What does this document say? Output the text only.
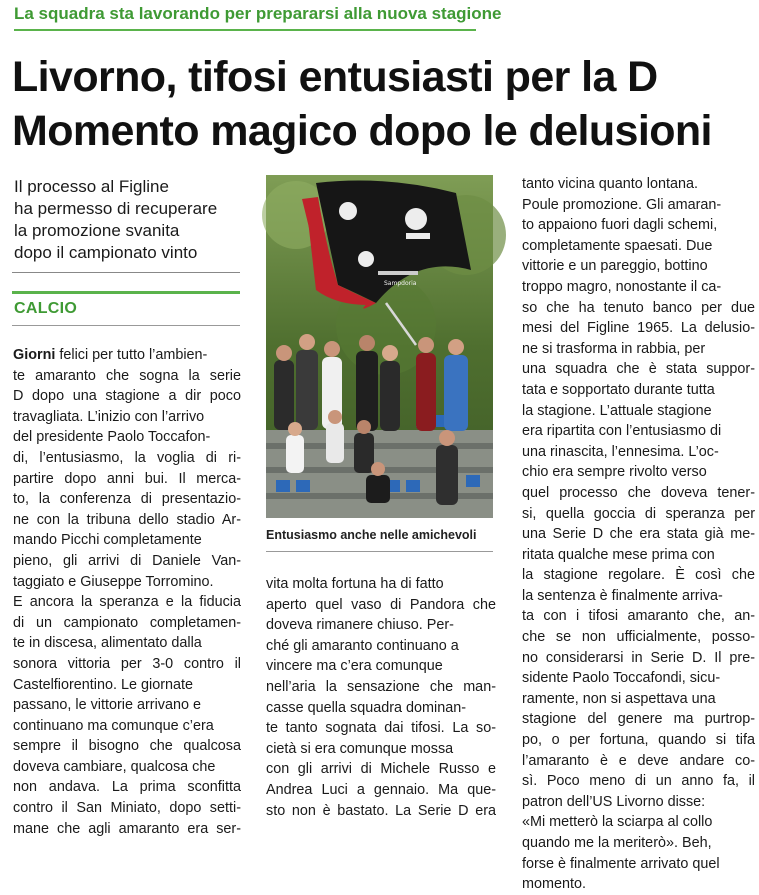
La squadra sta lavorando per prepararsi alla nuova stagione
Livorno, tifosi entusiasti per la D
Momento magico dopo le delusioni
Il processo al Figline
ha permesso di recuperare
la promozione svanita
dopo il campionato vinto
CALCIO
Giorni felici per tutto l’ambien-
te amaranto che sogna la serie
D dopo una stagione a dir poco
travagliata. L’inizio con l’arrivo
del presidente Paolo Toccafon-
di, l’entusiasmo, la voglia di ri-
partire dopo anni bui. Il merca-
to, la conferenza di presentazio-
ne con la tribuna dello stadio Ar-
mando Picchi completamente
pieno, gli arrivi di Daniele Van-
taggiato e Giuseppe Torromino.
E ancora la speranza e la fiducia
di un campionato completamen-
te in discesa, alimentato dalla
sonora vittoria per 3-0 contro il
Castelfiorentino. Le giornate
passano, le vittorie arrivano e
continuano ma comunque c’era
sempre il bisogno che qualcosa
doveva cambiare, qualcosa che
non andava. La prima sconfitta
contro il San Miniato, dopo setti-
mane che agli amaranto era ser-
Sampdoria
Entusiasmo anche nelle amichevoli
vita molta fortuna ha di fatto
aperto quel vaso di Pandora che
doveva rimanere chiuso. Per-
ché gli amaranto continuano a
vincere ma c’era comunque
nell’aria la sensazione che man-
casse quella squadra dominan-
te tanto sognata dai tifosi. La so-
cietà si era comunque mossa
con gli arrivi di Michele Russo e
Andrea Luci a gennaio. Ma que-
sto non è bastato. La Serie D era
tanto vicina quanto lontana.
Poule promozione. Gli amaran-
to appaiono fuori dagli schemi,
completamente spaesati. Due
vittorie e un pareggio, bottino
troppo magro, nonostante il ca-
so che ha tenuto banco per due
mesi del Figline 1965. La delusio-
ne si trasforma in rabbia, per
una squadra che è stata suppor-
tata e sopportato durante tutta
la stagione. L’attuale stagione
era ripartita con l’entusiasmo di
una rinascita, l’ennesima. L’oc-
chio era sempre rivolto verso
quel processo che doveva tener-
si, quella goccia di speranza per
una Serie D che era stata già me-
ritata qualche mese prima con
la stagione regolare. È così che
la sentenza è finalmente arriva-
ta con i tifosi amaranto che, an-
che se non ufficialmente, posso-
no considerarsi in Serie D. Il pre-
sidente Paolo Toccafondi, sicu-
ramente, non si aspettava una
stagione del genere ma purtrop-
po, o per fortuna, quando si tifa
l’amaranto è e deve andare co-
sì. Poco meno di un anno fa, il
patron dell’US Livorno disse:
«Mi metterò la sciarpa al collo
quando me la meriterò». Beh,
forse è finalmente arrivato quel
momento.
